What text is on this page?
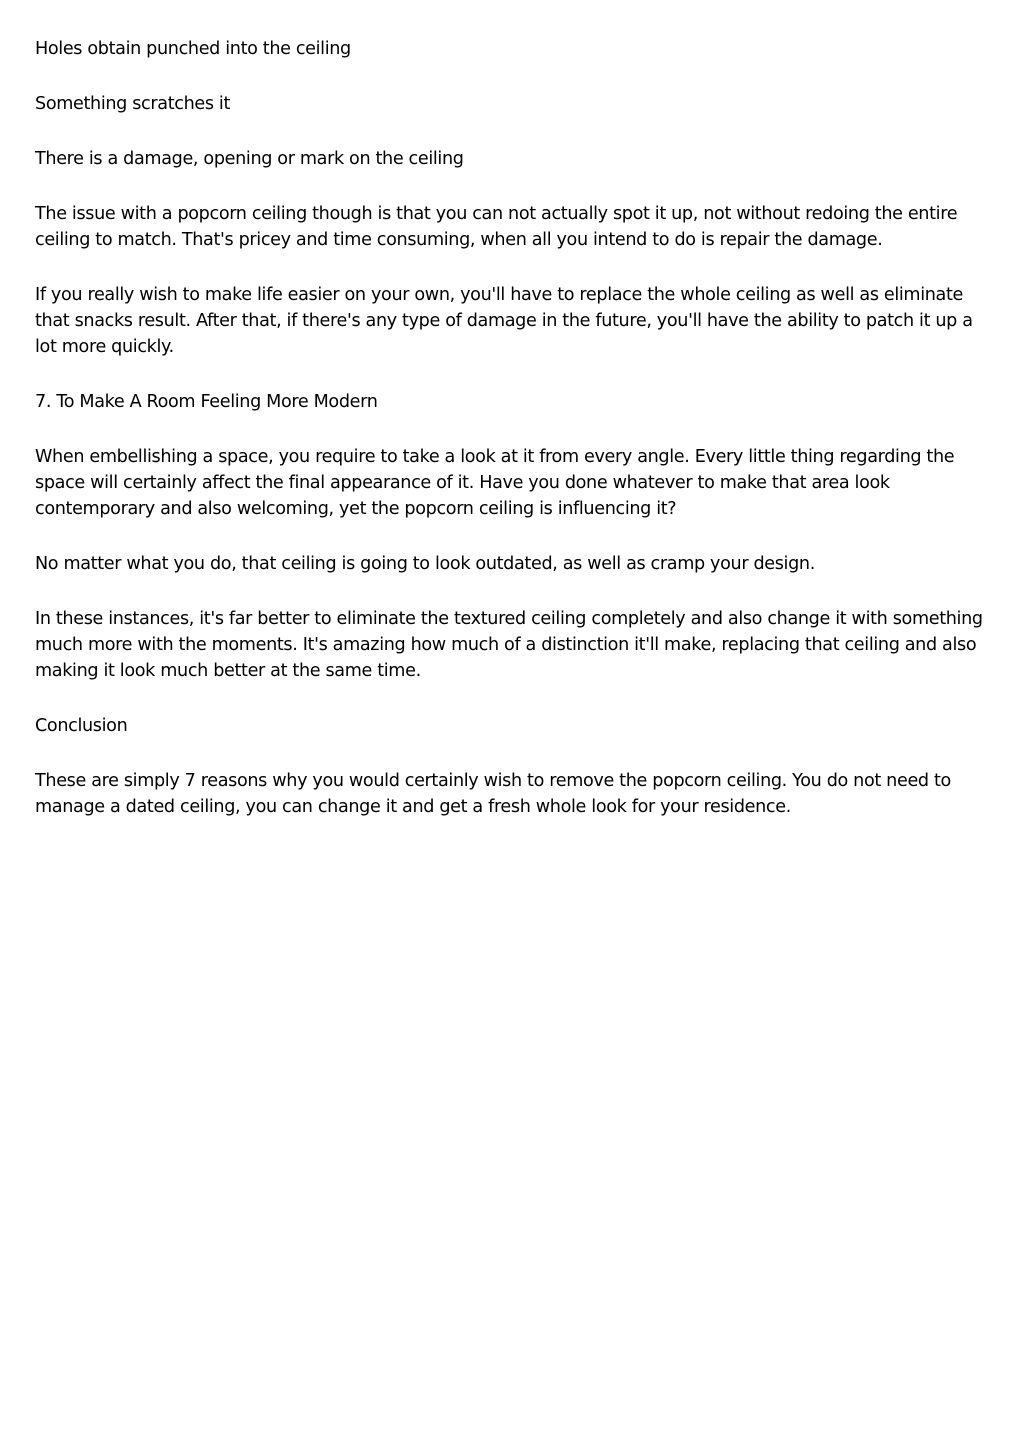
Holes obtain punched into the ceiling

Something scratches it

There is a damage, opening or mark on the ceiling

The issue with a popcorn ceiling though is that you can not actually spot it up, not without redoing the entire ceiling to match. That's pricey and time consuming, when all you intend to do is repair the damage.

If you really wish to make life easier on your own, you'll have to replace the whole ceiling as well as eliminate that snacks result. After that, if there's any type of damage in the future, you'll have the ability to patch it up a lot more quickly.

7. To Make A Room Feeling More Modern

When embellishing a space, you require to take a look at it from every angle. Every little thing regarding the space will certainly affect the final appearance of it. Have you done whatever to make that area look contemporary and also welcoming, yet the popcorn ceiling is influencing it?

No matter what you do, that ceiling is going to look outdated, as well as cramp your design.

In these instances, it's far better to eliminate the textured ceiling completely and also change it with something much more with the moments. It's amazing how much of a distinction it'll make, replacing that ceiling and also making it look much better at the same time.

Conclusion

These are simply 7 reasons why you would certainly wish to remove the popcorn ceiling. You do not need to manage a dated ceiling, you can change it and get a fresh whole look for your residence.
